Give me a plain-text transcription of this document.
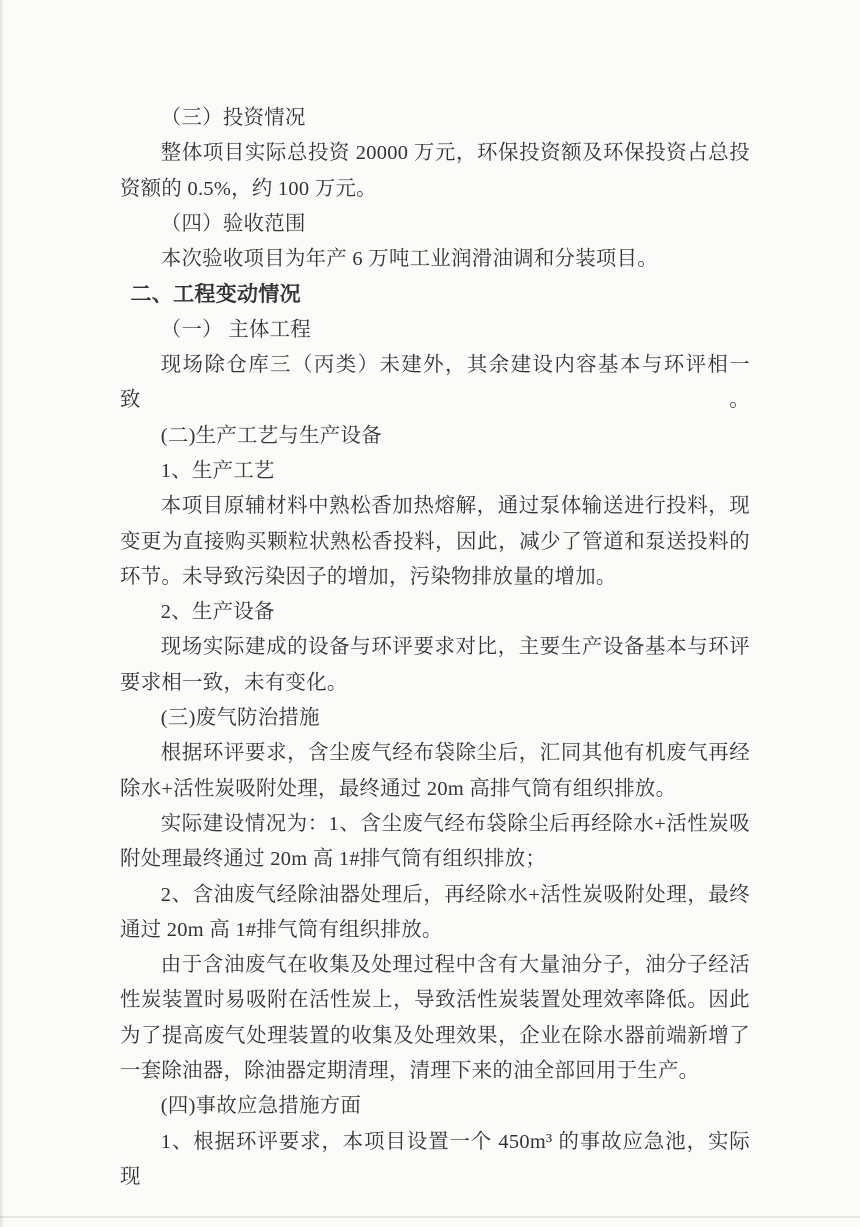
（三）投资情况
整体项目实际总投资 20000 万元，环保投资额及环保投资占总投
资额的 0.5%，约 100 万元。
（四）验收范围
本次验收项目为年产 6 万吨工业润滑油调和分装项目。
二、工程变动情况
（一） 主体工程
现场除仓库三（丙类）未建外，其余建设内容基本与环评相一致。
(二)生产工艺与生产设备
1、生产工艺
本项目原辅材料中熟松香加热熔解，通过泵体输送进行投料，现
变更为直接购买颗粒状熟松香投料，因此，减少了管道和泵送投料的
环节。未导致污染因子的增加，污染物排放量的增加。
2、生产设备
现场实际建成的设备与环评要求对比，主要生产设备基本与环评
要求相一致，未有变化。
(三)废气防治措施
根据环评要求，含尘废气经布袋除尘后，汇同其他有机废气再经
除水+活性炭吸附处理，最终通过 20m 高排气筒有组织排放。
实际建设情况为：1、含尘废气经布袋除尘后再经除水+活性炭吸
附处理最终通过 20m 高 1#排气筒有组织排放；
2、含油废气经除油器处理后，再经除水+活性炭吸附处理，最终
通过 20m 高 1#排气筒有组织排放。
由于含油废气在收集及处理过程中含有大量油分子，油分子经活
性炭装置时易吸附在活性炭上，导致活性炭装置处理效率降低。因此
为了提高废气处理装置的收集及处理效果，企业在除水器前端新增了
一套除油器，除油器定期清理，清理下来的油全部回用于生产。
(四)事故应急措施方面
1、根据环评要求，本项目设置一个 450m³ 的事故应急池，实际现
